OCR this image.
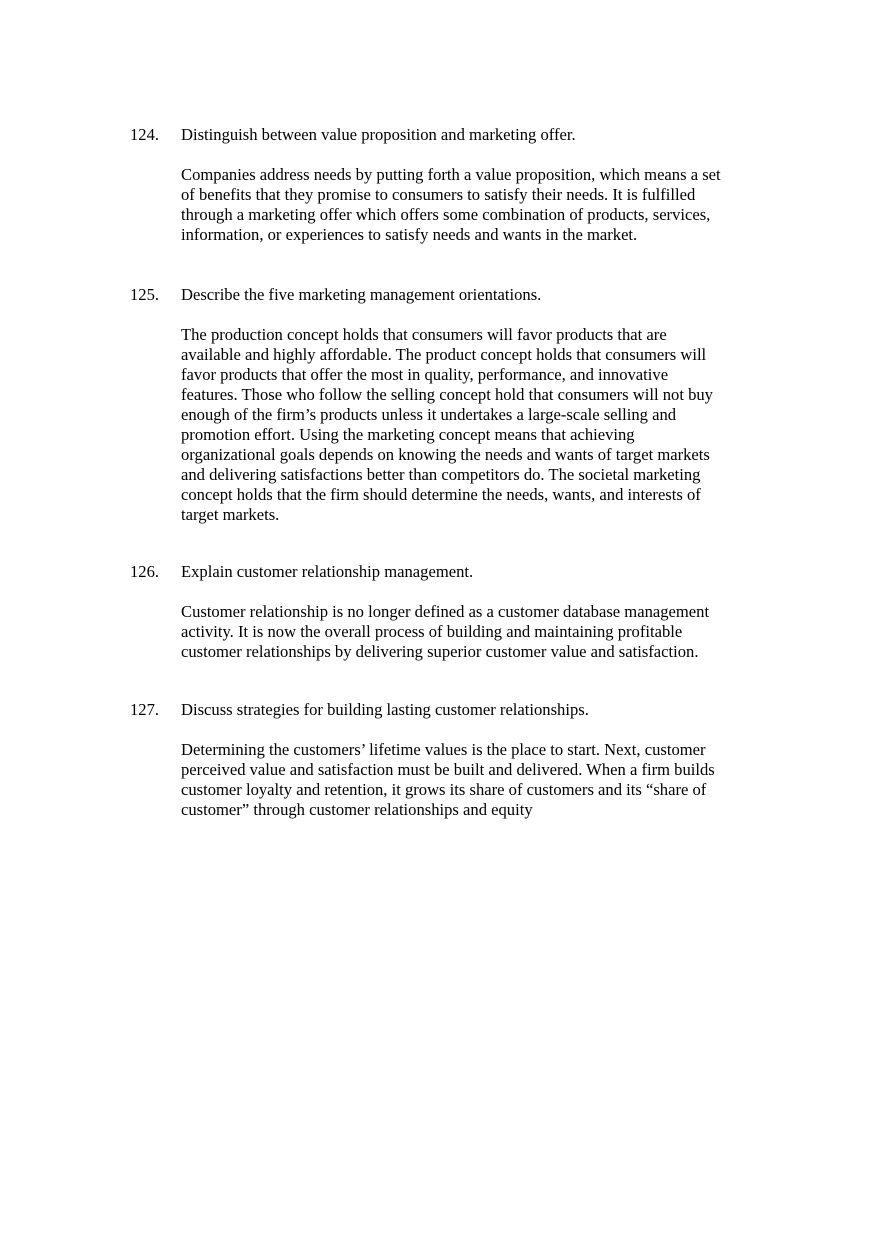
124. Distinguish between value proposition and marketing offer.
Companies address needs by putting forth a value proposition, which means a set
of benefits that they promise to consumers to satisfy their needs. It is fulfilled
through a marketing offer which offers some combination of products, services,
information, or experiences to satisfy needs and wants in the market.
125. Describe the five marketing management orientations.
The production concept holds that consumers will favor products that are
available and highly affordable. The product concept holds that consumers will
favor products that offer the most in quality, performance, and innovative
features. Those who follow the selling concept hold that consumers will not buy
enough of the firm’s products unless it undertakes a large-scale selling and
promotion effort. Using the marketing concept means that achieving
organizational goals depends on knowing the needs and wants of target markets
and delivering satisfactions better than competitors do. The societal marketing
concept holds that the firm should determine the needs, wants, and interests of
target markets.
126. Explain customer relationship management.
Customer relationship is no longer defined as a customer database management
activity. It is now the overall process of building and maintaining profitable
customer relationships by delivering superior customer value and satisfaction.
127. Discuss strategies for building lasting customer relationships.
Determining the customers’ lifetime values is the place to start. Next, customer
perceived value and satisfaction must be built and delivered. When a firm builds
customer loyalty and retention, it grows its share of customers and its “share of
customer” through customer relationships and equity
